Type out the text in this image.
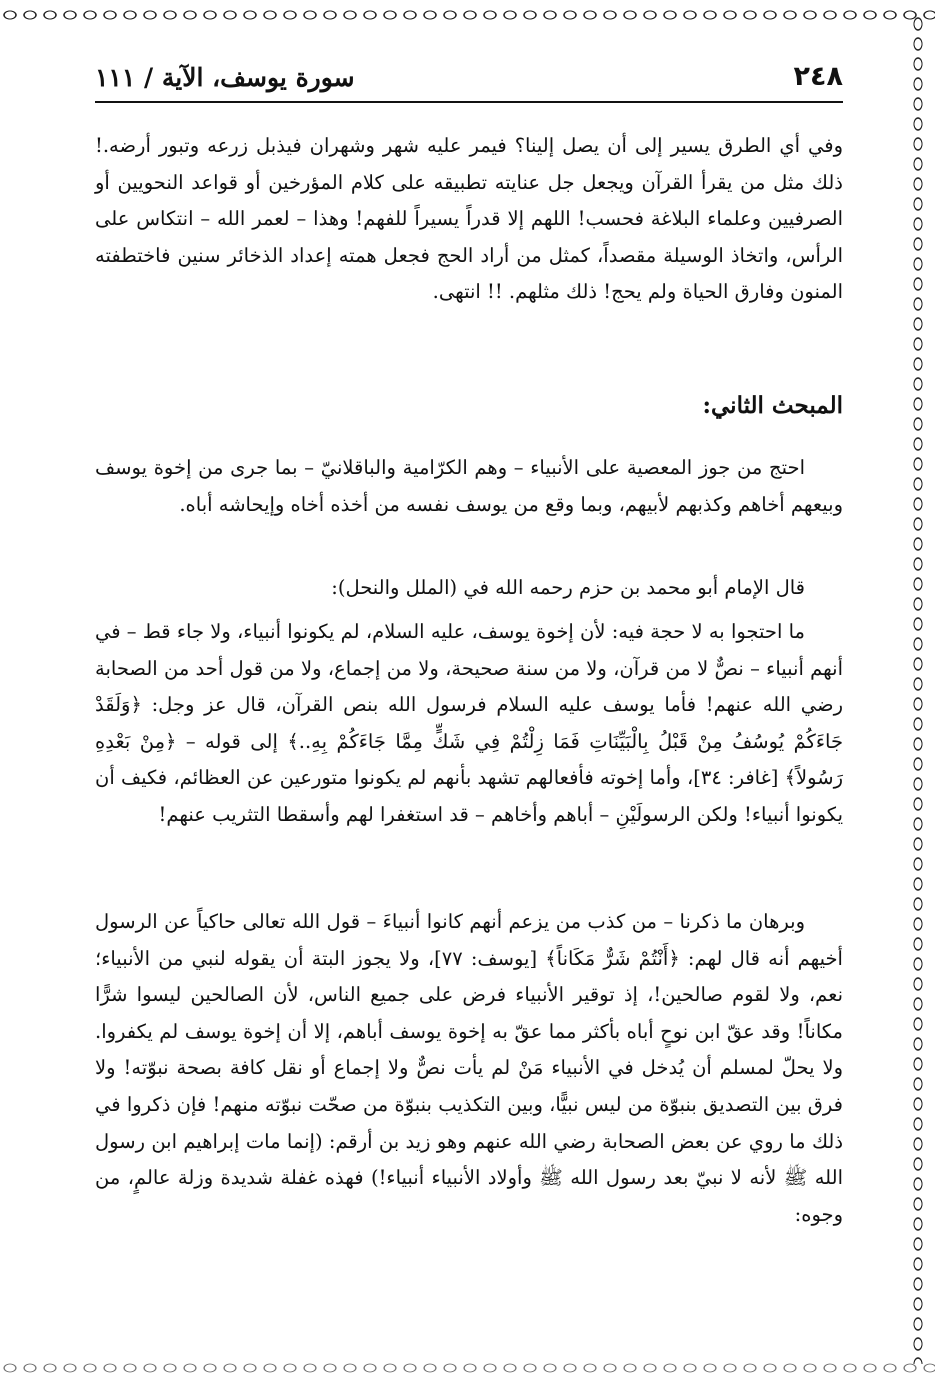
٢٤٨
سورة يوسف، الآية / ١١١

وفي أي الطرق يسير إلى أن يصل إلينا؟ فيمر عليه شهر وشهران فيذبل زرعه وتبور أرضه.! ذلك مثل من يقرأ القرآن ويجعل جل عنايته تطبيقه على كلام المؤرخين أو قواعد النحويين أو الصرفيين وعلماء البلاغة فحسب! اللهم إلا قدراً يسيراً للفهم! وهذا – لعمر الله – انتكاس على الرأس، واتخاذ الوسيلة مقصداً، كمثل من أراد الحج فجعل همته إعداد الذخائر سنين فاختطفته المنون وفارق الحياة ولم يحج! ذلك مثلهم. !! انتهى.

المبحث الثاني:

احتج من جوز المعصية على الأنبياء – وهم الكرّامية والباقلانيّ – بما جرى من إخوة يوسف وبيعهم أخاهم وكذبهم لأبيهم، وبما وقع من يوسف نفسه من أخذه أخاه وإيحاشه أباه.

قال الإمام أبو محمد بن حزم رحمه الله في (الملل والنحل):

ما احتجوا به لا حجة فيه: لأن إخوة يوسف، عليه السلام، لم يكونوا أنبياء، ولا جاء قط – في أنهم أنبياء – نصٌّ لا من قرآن، ولا من سنة صحيحة، ولا من إجماع، ولا من قول أحد من الصحابة رضي الله عنهم! فأما يوسف عليه السلام فرسول الله بنص القرآن، قال عز وجل: ﴿وَلَقَدْ جَاءَكُمْ يُوسُفُ مِنْ قَبْلُ بِالْبَيِّنَاتِ فَمَا زِلْتُمْ فِي شَكٍّ مِمَّا جَاءَكُمْ بِهِ..﴾ إلى قوله – ﴿مِنْ بَعْدِهِ رَسُولاً﴾ [غافر: ٣٤]، وأما إخوته فأفعالهم تشهد بأنهم لم يكونوا متورعين عن العظائم، فكيف أن يكونوا أنبياء! ولكن الرسولَيْنِ – أباهم وأخاهم – قد استغفرا لهم وأسقطا التثريب عنهم!

وبرهان ما ذكرنا – من كذب من يزعم أنهم كانوا أنبياءَ – قول الله تعالى حاكياً عن الرسول أخيهم أنه قال لهم: ﴿أَنْتُمْ شَرٌّ مَكَاناً﴾ [يوسف: ٧٧]، ولا يجوز البتة أن يقوله لنبي من الأنبياء؛ نعم، ولا لقوم صالحين!، إذ توقير الأنبياء فرض على جميع الناس، لأن الصالحين ليسوا شرًّا مكاناً! وقد عقّ ابن نوحٍ أباه بأكثر مما عقّ به إخوة يوسف أباهم، إلا أن إخوة يوسف لم يكفروا. ولا يحلّ لمسلم أن يُدخل في الأنبياء مَنْ لم يأت نصٌّ ولا إجماع أو نقل كافة بصحة نبوّته! ولا فرق بين التصديق بنبوّة من ليس نبيًّا، وبين التكذيب بنبوّة من صحّت نبوّته منهم! فإن ذكروا في ذلك ما روي عن بعض الصحابة رضي الله عنهم وهو زيد بن أرقم: (إنما مات إبراهيم ابن رسول الله ﷺ لأنه لا نبيّ بعد رسول الله ﷺ وأولاد الأنبياء أنبياء!) فهذه غفلة شديدة وزلة عالمٍ، من وجوه:
